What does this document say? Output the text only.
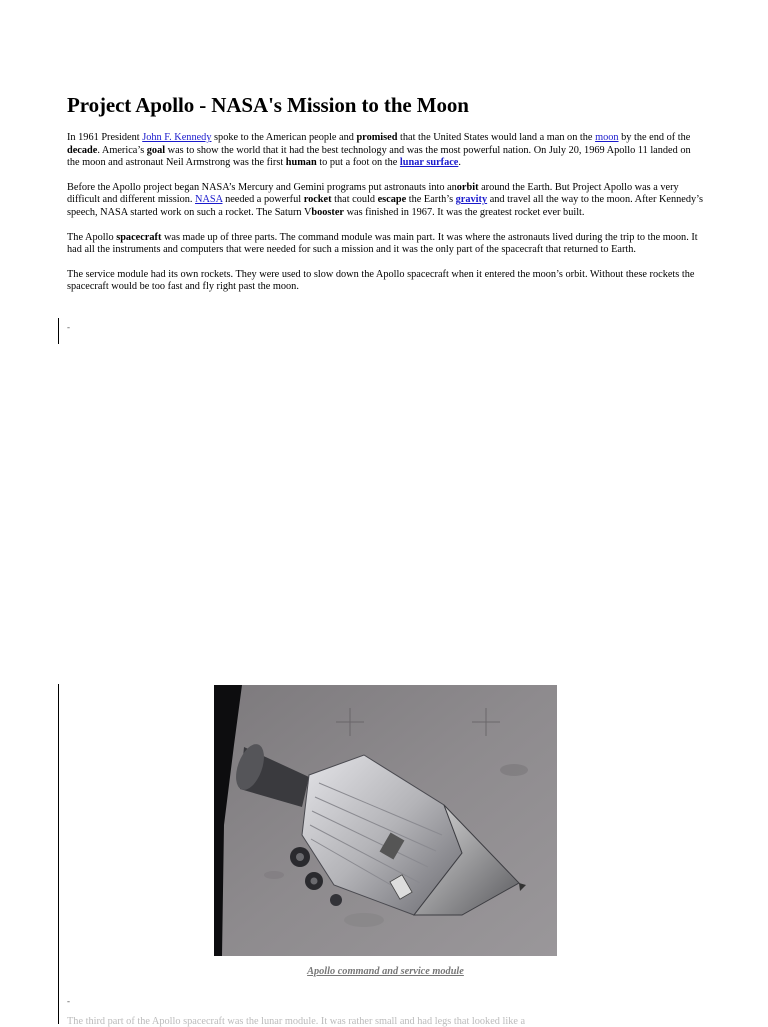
Project Apollo - NASA's Mission to the Moon

In 1961 President John F. Kennedy spoke to the American people and promised that the United States would land a man on the moon by the end of the decade. America’s goal was to show the world that it had the best technology and was the most powerful nation. On July 20, 1969 Apollo 11 landed on the moon and astronaut Neil Armstrong was the first human to put a foot on the lunar surface.

Before the Apollo project began NASA’s Mercury and Gemini programs put astronauts into anorbit around the Earth. But Project Apollo was a very difficult and different mission. NASA needed a powerful rocket that could escape the Earth’s gravity and travel all the way to the moon. After Kennedy’s speech, NASA started work on such a rocket. The Saturn Vbooster was finished in 1967. It was the greatest rocket ever built.

The Apollo spacecraft was made up of three parts. The command module was main part. It was where the astronauts lived during the trip to the moon. It had all the instruments and computers that were needed for such a mission and it was the only part of the spacecraft that returned to Earth.

The service module had its own rockets. They were used to slow down the Apollo spacecraft when it entered the moon’s orbit. Without these rockets the spacecraft would be too fast and fly right past the moon.

-
Apollo command and service module
-
The third part of the Apollo spacecraft was the lunar module. It was rather small and had legs that looked like a
